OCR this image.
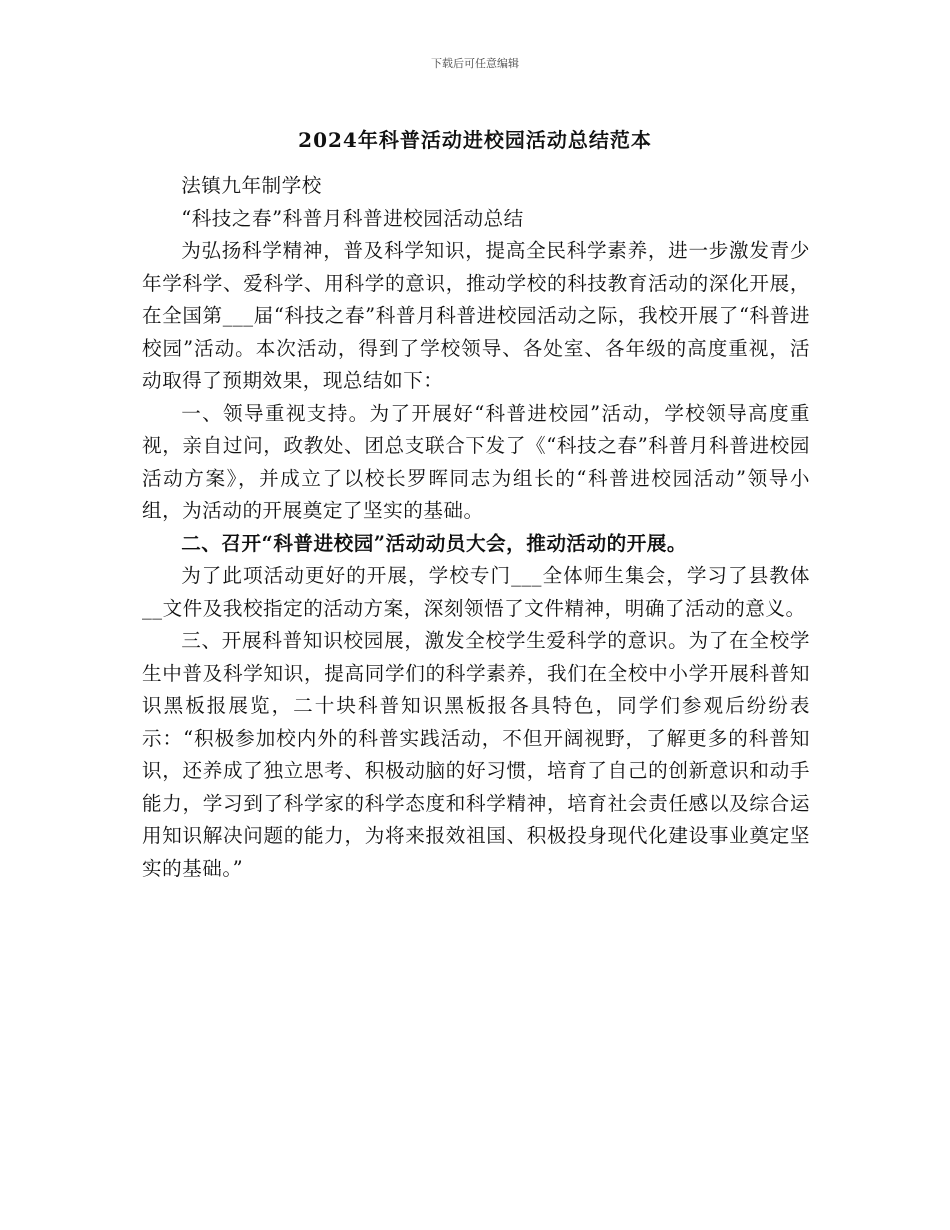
下载后可任意编辑
2024年科普活动进校园活动总结范本

法镇九年制学校

“科技之春”科普月科普进校园活动总结

为弘扬科学精神，普及科学知识，提高全民科学素养，进一步激发青少年学科学、爱科学、用科学的意识，推动学校的科技教育活动的深化开展，在全国第___届“科技之春”科普月科普进校园活动之际，我校开展了“科普进校园”活动。本次活动，得到了学校领导、各处室、各年级的高度重视，活动取得了预期效果，现总结如下：

一、领导重视支持。为了开展好“科普进校园”活动，学校领导高度重视，亲自过问，政教处、团总支联合下发了《“科技之春”科普月科普进校园活动方案》，并成立了以校长罗晖同志为组长的“科普进校园活动”领导小组，为活动的开展奠定了坚实的基础。

二、召开“科普进校园”活动动员大会，推动活动的开展。

为了此项活动更好的开展，学校专门___全体师生集会，学习了县教体__文件及我校指定的活动方案，深刻领悟了文件精神，明确了活动的意义。

三、开展科普知识校园展，激发全校学生爱科学的意识。为了在全校学生中普及科学知识，提高同学们的科学素养，我们在全校中小学开展科普知识黑板报展览，二十块科普知识黑板报各具特色，同学们参观后纷纷表示：“积极参加校内外的科普实践活动，不但开阔视野，了解更多的科普知识，还养成了独立思考、积极动脑的好习惯，培育了自己的创新意识和动手能力，学习到了科学家的科学态度和科学精神，培育社会责任感以及综合运用知识解决问题的能力，为将来报效祖国、积极投身现代化建设事业奠定坚实的基础。”
